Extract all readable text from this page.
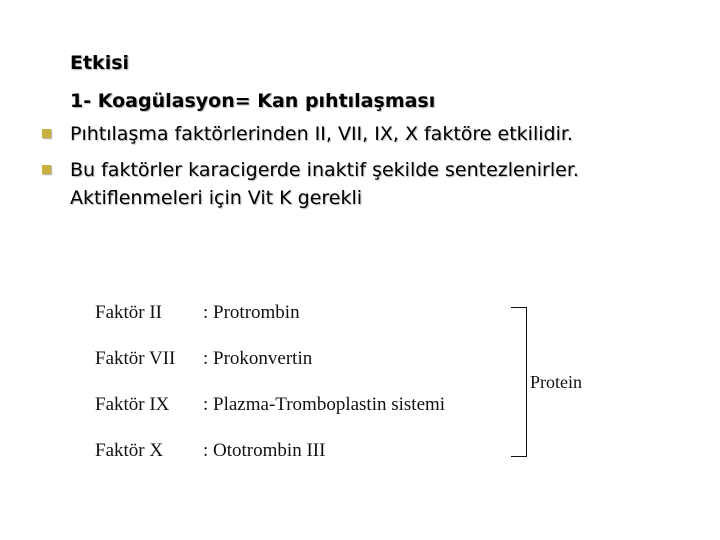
Etkisi
1- Koagülasyon= Kan pıhtılaşması
Pıhtılaşma faktörlerinden II, VII, IX, X faktöre etkilidir.
Bu faktörler karacigerde inaktif şekilde sentezlenirler.
Aktiflenmeleri için Vit K gerekli
Faktör II : Protrombin
Faktör VII : Prokonvertin
Faktör IX : Plazma-Tromboplastin sistemi
Faktör X : Ototrombin III
Protein
